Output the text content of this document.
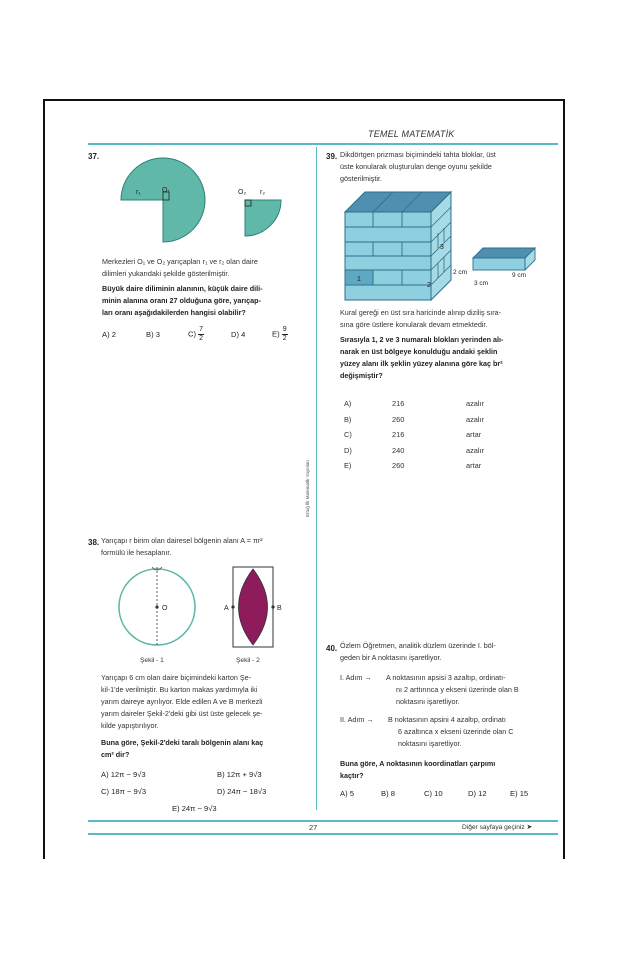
TEMEL MATEMATİK
Ertuğ İlk Matematik Yayınları
37.
r₁	O₁	O₂ r₂
Merkezleri O₁ ve O₂ yarıçapları r₁ ve r₂ olan daire
dilimleri yukarıdaki şekilde gösterilmiştir.
Büyük daire diliminin alanının, küçük daire dili-
minin alanına oranı 27 olduğuna göre, yarıçap-
ları oranı aşağıdakilerden hangisi olabilir?
A) 2	B) 3	$C) \frac{7}{2}$	D) 4	$E) \frac{9}{2}$
38. Yarıçapı r birim olan dairesel bölgenin alanı A = πr²
formülü ile hesaplanır.
O	A	B
Şekil - 1	Şekil - 2
Yarıçapı 6 cm olan daire biçimindeki karton Şe-
kil-1'de verilmiştir. Bu karton makas yardımıyla iki
yarım daireye ayrılıyor. Elde edilen A ve B merkezli
yarım daireler Şekil-2'deki gibi üst üste gelecek şe-
kilde yapıştırılıyor.
Buna göre, Şekil-2'deki taralı bölgenin alanı kaç
cm² dir?
A) 12π − 9√3	B) 12π + 9√3
C) 18π − 9√3	D) 24π − 18√3
E) 24π − 9√3
39. Dikdörtgen prizması biçimindeki tahta bloklar, üst
üste konularak oluşturulan denge oyunu şekilde
gösterilmiştir.
1
2
3
2 cm	9 cm
3 cm
Kural gereği en üst sıra haricinde alınıp diziliş sıra-
sına göre üstlere konularak devam etmektedir.
Sırasıyla 1, 2 ve 3 numaralı blokları yerinden alı-
narak en üst bölgeye konulduğu andaki şeklin
yüzey alanı ilk şeklin yüzey alanına göre kaç br²
değişmiştir?
A)	216	azalır
B)	260	azalır
C)	216	artar
D)	240	azalır
E)	260	artar
40. Özlem Öğretmen, analitik düzlem üzerinde I. böl-
geden bir A noktasını işaretliyor.
I. Adım →	A noktasının apsisi 3 azaltıp, ordinatı-
nı 2 arttırınca y ekseni üzerinde olan B
noktasını işaretliyor.
II. Adım →	B noktasının apsini 4 azaltıp, ordinatı
6 azaltınca x ekseni üzerinde olan C
noktasını işaretliyor.
Buna göre, A noktasının koordinatları çarpımı
kaçtır?
A) 5	B) 8	C) 10	D) 12	E) 15
27	Diğer sayfaya geçiniz ➤
